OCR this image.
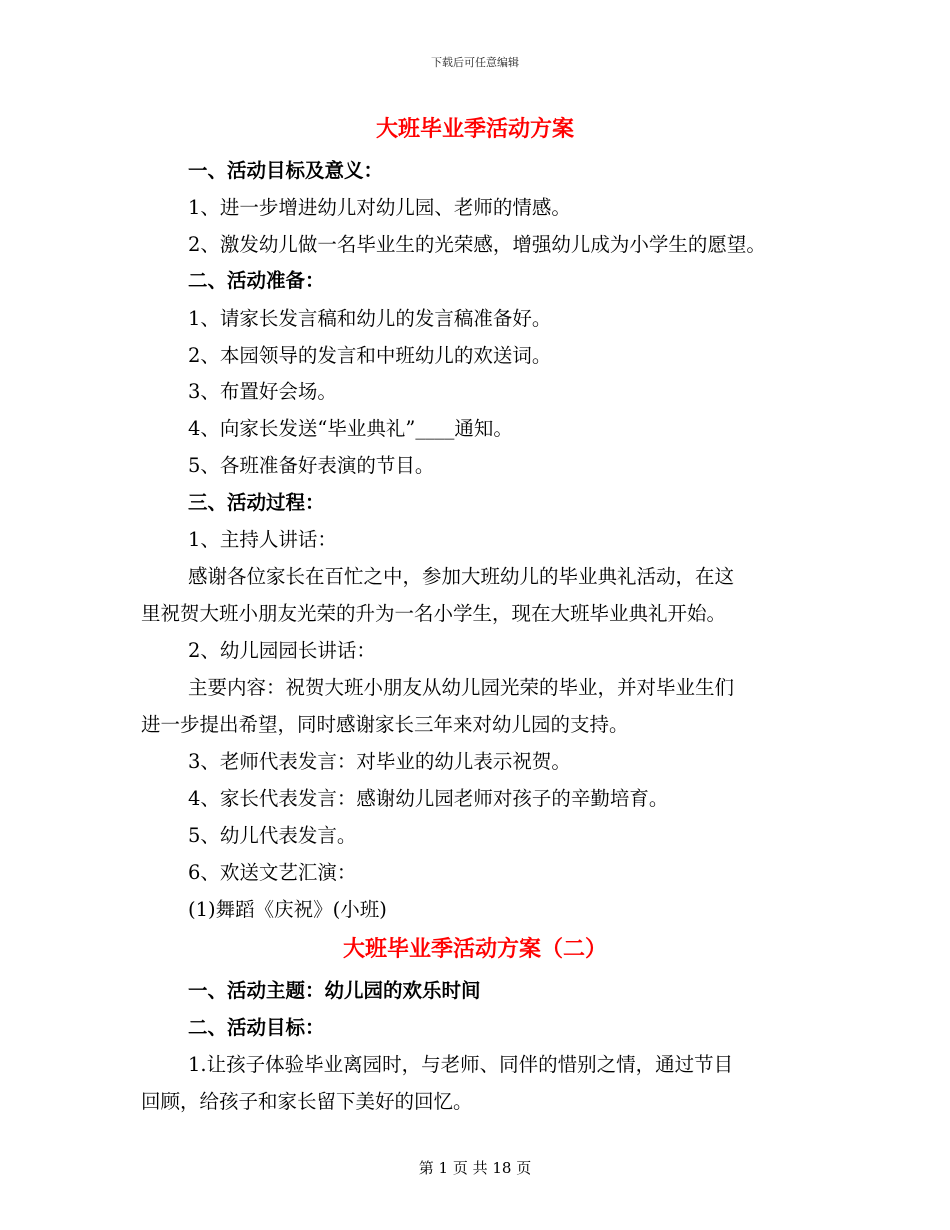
下载后可任意编辑
大班毕业季活动方案
一、活动目标及意义：
1、进一步增进幼儿对幼儿园、老师的情感。
2、激发幼儿做一名毕业生的光荣感，增强幼儿成为小学生的愿望。
二、活动准备：
1、请家长发言稿和幼儿的发言稿准备好。
2、本园领导的发言和中班幼儿的欢送词。
3、布置好会场。
4、向家长发送“毕业典礼”____通知。
5、各班准备好表演的节目。
三、活动过程：
1、主持人讲话：
感谢各位家长在百忙之中，参加大班幼儿的毕业典礼活动，在这
里祝贺大班小朋友光荣的升为一名小学生，现在大班毕业典礼开始。
2、幼儿园园长讲话：
主要内容：祝贺大班小朋友从幼儿园光荣的毕业，并对毕业生们
进一步提出希望，同时感谢家长三年来对幼儿园的支持。
3、老师代表发言：对毕业的幼儿表示祝贺。
4、家长代表发言：感谢幼儿园老师对孩子的辛勤培育。
5、幼儿代表发言。
6、欢送文艺汇演：
(1)舞蹈《庆祝》(小班)
大班毕业季活动方案（二）
一、活动主题：幼儿园的欢乐时间
二、活动目标：
1.让孩子体验毕业离园时，与老师、同伴的惜别之情，通过节目
回顾，给孩子和家长留下美好的回忆。
第 1 页 共 18 页
